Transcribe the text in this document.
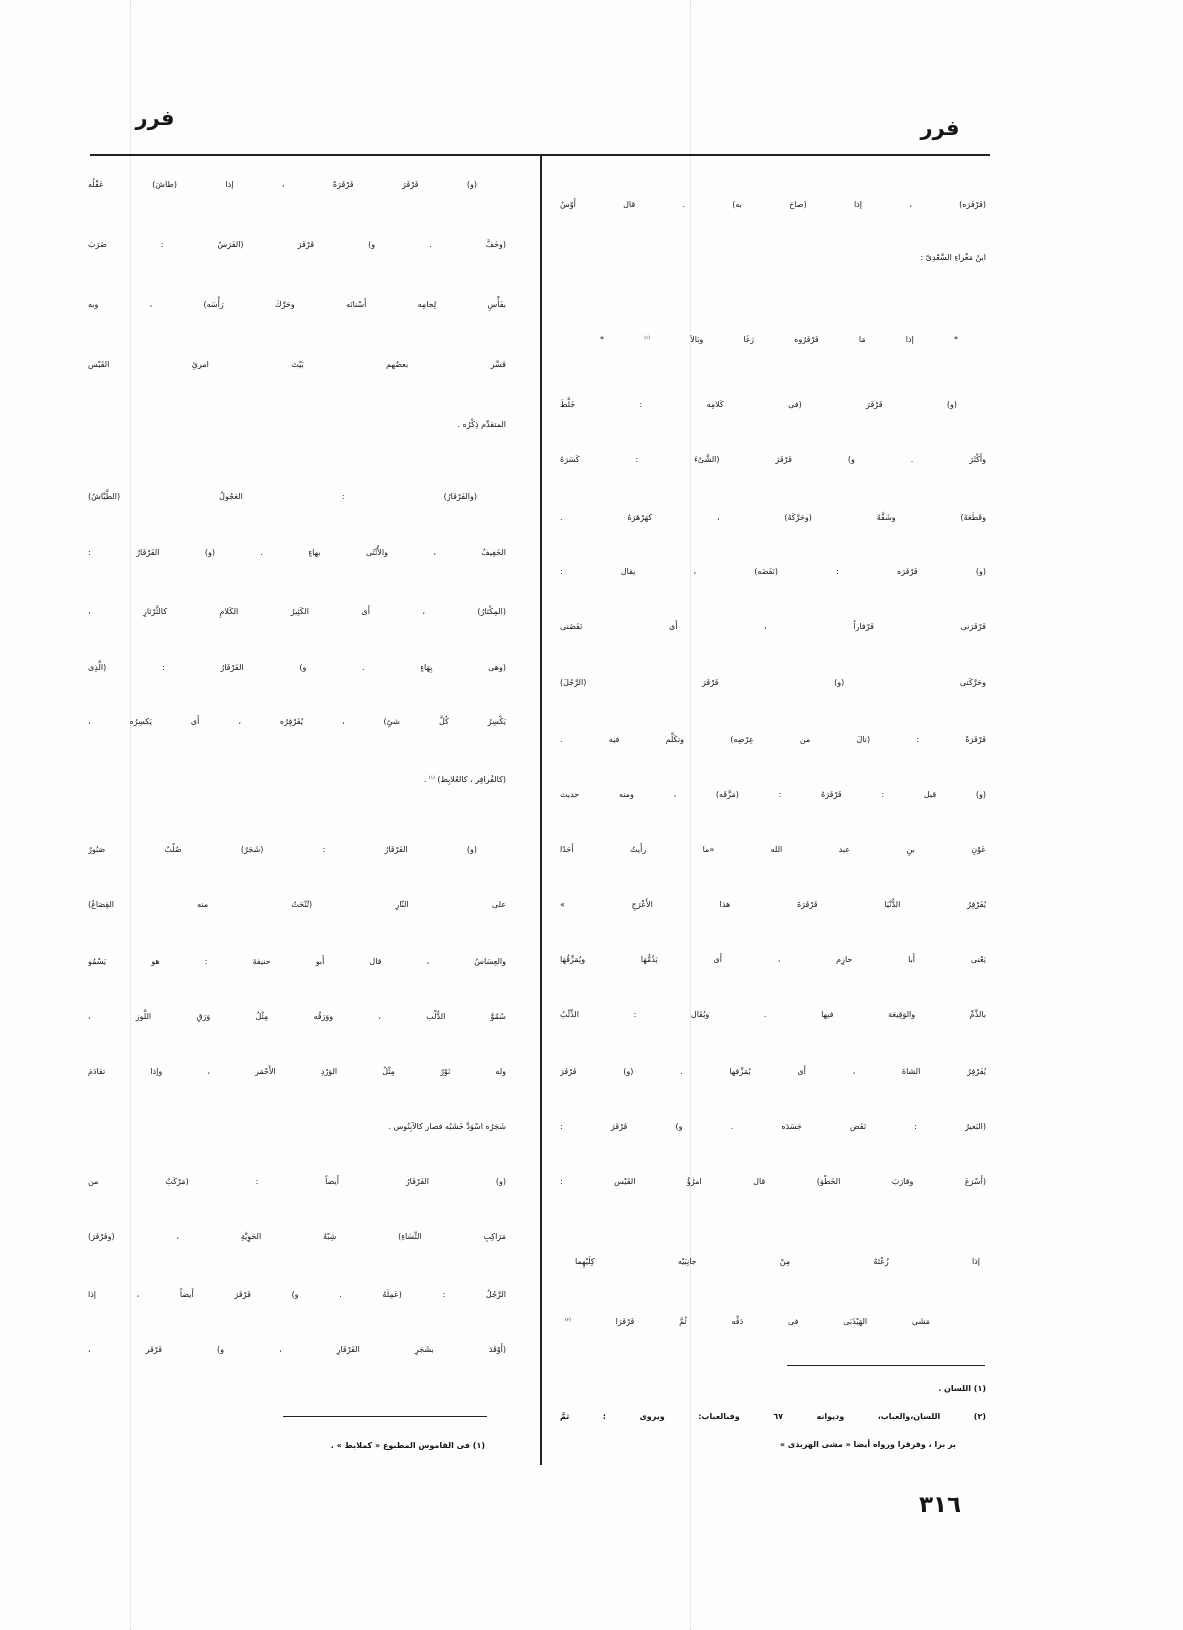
فرر
فرر
(فَرْفَرَه) ، إذا (صاحَ به) . قال أَوْسُ
ابنُ مَغْراءِ السَّعْدِىّ :
* إذا مَا فَرْفَرُوه رَغَا وبَالاَ $^{(١)}$ *
(و) فَرْفَرَ (فى كَلامِه : خَلَّطَ
وأَكْثَرَ . و) فَرْفَرَ (الشَّىْءَ : كَسَرَهُ
وقَطَعَهُ) وشَقَّهُ (وحَرَّكَهُ) ، كهَرْهَرَهُ .
(و) فَرْفَرَه : (نَفَضَه) ، يقال :
فَرْفَرَنى فَرْفاراً ، أَى نَفَضَنى
وحَرَّكَنى (و) فَرْفَرَ (الرَّجُلَ)
فَرْفَرَةً : (نالَ من عِرْضِه) وتكَلَّم فيه .
(و) قيل : فَرْفَرَهُ : (مَزَّقَه) ، ومنه حديث
عَوْنِ بنِ عبد الله «ما رأَيتُ أَحَدًا
يُفَرْفِرُ الدُّنْيَا فَرْفَرَةَ هذا الأَعْرَجِ »
يَعْنى أَبا حازِم ، أَى يَذُمُّهَا ويُمَزِّقُهَا
بالذَّمِّ والوَقِيعَة فيها . ويُقَال : الذِّئْبُ
يُفَرْفِرُ الشاةَ ، أَى يُمَزِّقها . (و) فَرْفَرَ
(البَعيرُ : نَفَض جَسَدَه . و) فَرْفَرَ :
(أَسْرَعَ وقارَبَ الخَطْوَ) قال امرُؤُ القَيْس :
إذا زُعْتَهُ مِنْ جانِبَيْه كِلَيْهِما
مَشَى الهَيْذَبَى فى دَفِّه ثُمَّ فَرْفَرَا $^{(٢)}$
(١) اللسان .
(٢) اللسان،والعباب، وديوانه ٦٧ وفىالعباب: ويروى : ثمَّ
بر برا ، وقرقرا ورواه أيضا « مشى الهربذى »
(و) فَرْفَرَ فَرْفَرَةً ، إذا (طاشَ) عَقْلُه
(وخَفَّ . و) فَرْفَرَ (الفَرَسُ : ضَرَبَ
بفَأْسِ لِجامِه أَسْنانَه وحَرَّكَ رَأْسَه) ، وبه
فَسَّر بعضُهم بَيْتَ امرئِ القَيْس
المتقدِّم ذِكْرُه .
(والفَرْفَارُ) : العَجُولُ (الطَّيَّاشُ)
الخَفِيفُ ، والأُنْثَى بهاءٍ . (و) الفَرْفَارُ :
(المِكْثارُ) ، أَى الكَثِيرُ الكَلامِ كالثَّرْثارِ ،
(وهى بِهَاءٍ . و) الفَرْفَارُ : (الَّذِى
يَكْسِرُ كُلَّ شئٍ) ، يُفَرْفِرُه ، أَى يَكسِرُه ،
(كالفُرافِر ، كالعُلابِط) $^{(١)}$ .
(و) الفَرْفَارُ : (شَجَرٌ) صُلْبٌ صَبُورٌ
على النّارِ (تُنْحَتُ منه القِصَاعُ)
والعِسَاسُ ، قال أَبو حنيفةَ : هو يَسْمُو
سُمُوَّ الدُّلْب ، ووَرَقُه مِثْلُ وَرَقِ اللَّوز ،
وله نَوْرٌ مِثْلُ الوَرْدِ الأَحْمَر ، وإذا تقادَمَ
شَجَرُه اسْوَدَّ خَشَبُه فصار كالآبِنُوس .
(و) الفَرْفَارُ أَيضاً : (مَرْكَبٌ من
مَرَاكِبِ النِّسَاءِ) شِبْهُ الحَوِيَّةِ ، (وفَرْفَرَ)
الرَّجُلُ : (عَمِلَهُ . و) فَرْفَرَ أَيضاً ، إذا
(أَوْقَدَ بشَجَرِ الفَرْفَارِ ، و) فَرْفَر ،
(١) فى القاموس المطبوع « كملابط » .
٣١٦
